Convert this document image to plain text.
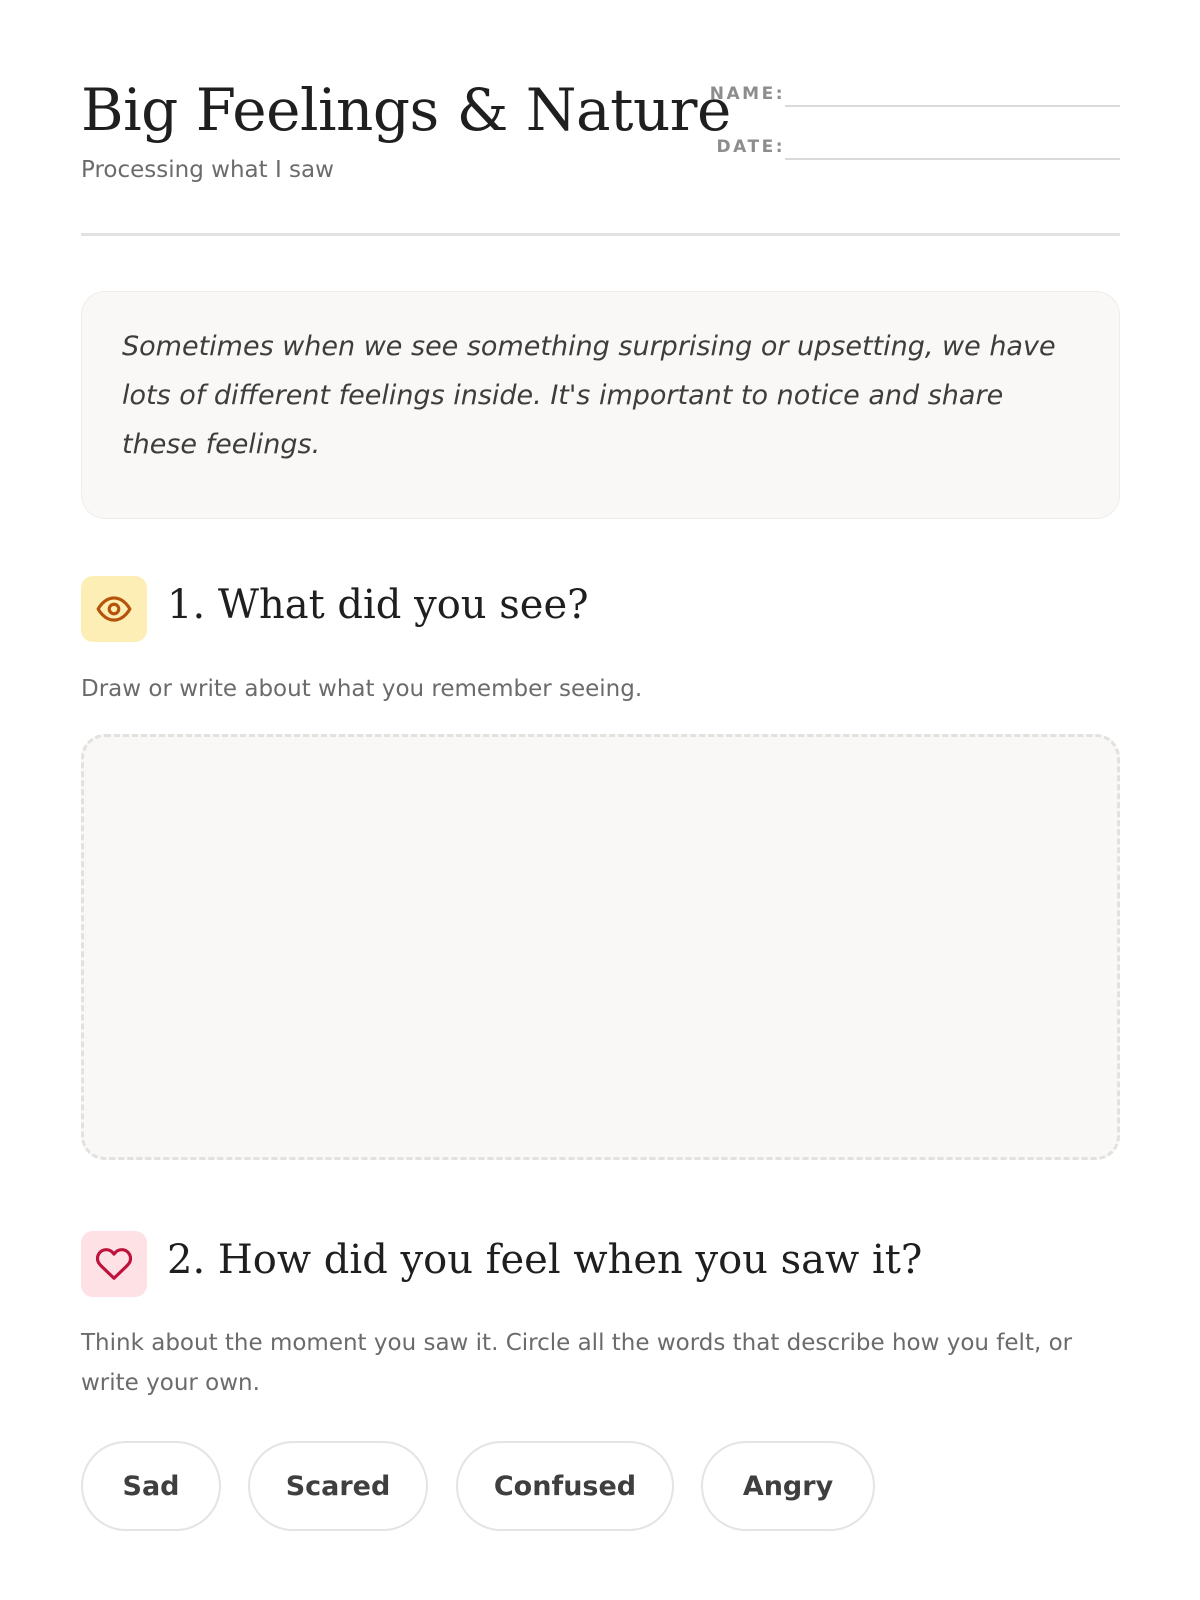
Big Feelings & Nature
Processing what I saw
NAME:
DATE:
Sometimes when we see something surprising or upsetting, we have lots of different feelings inside. It's important to notice and share these feelings.
1. What did you see?
Draw or write about what you remember seeing.
2. How did you feel when you saw it?
Think about the moment you saw it. Circle all the words that describe how you felt, or write your own.
Sad	Scared	Confused	Angry
